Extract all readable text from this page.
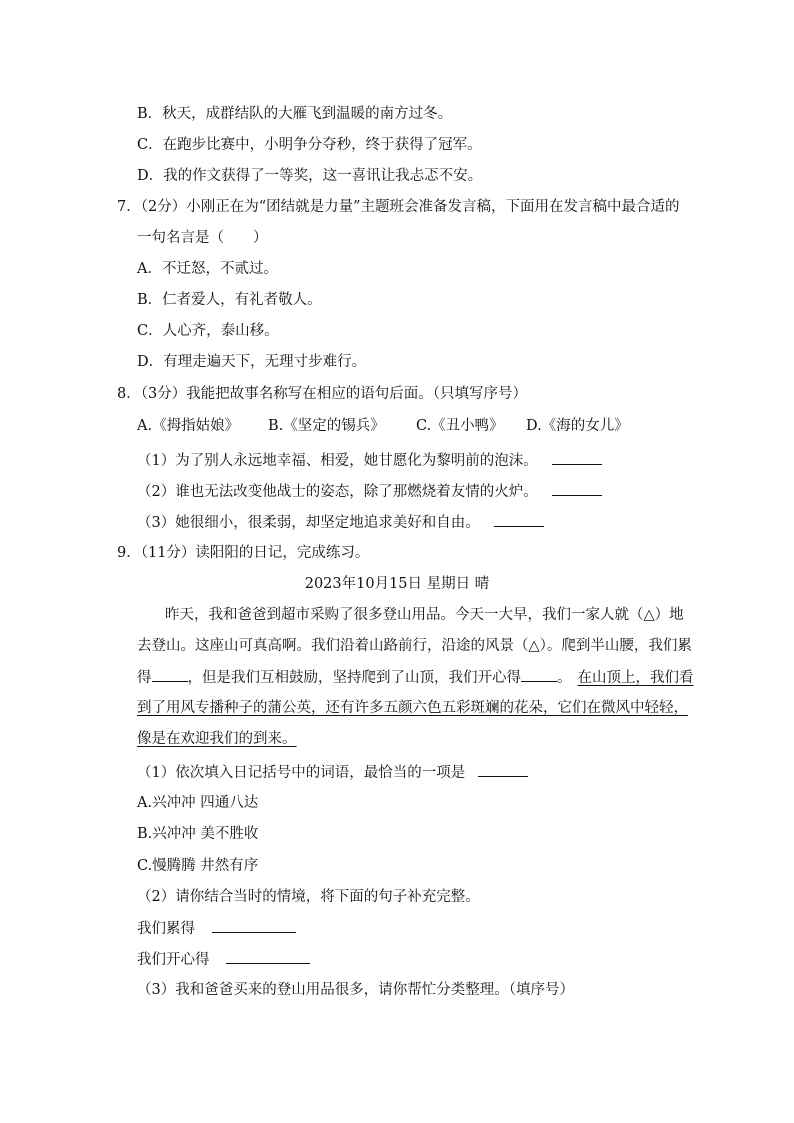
B．秋天，成群结队的大雁飞到温暖的南方过冬。
C．在跑步比赛中，小明争分夺秒，终于获得了冠军。
D．我的作文获得了一等奖，这一喜讯让我忐忑不安。
7．（2分）小刚正在为“团结就是力量”主题班会准备发言稿，下面用在发言稿中最合适的
一句名言是（　　）
A．不迁怒，不贰过。
B．仁者爱人，有礼者敬人。
C．人心齐，泰山移。
D．有理走遍天下，无理寸步难行。
8．（3分）我能把故事名称写在相应的语句后面。（只填写序号）
A.《拇指姑娘》 B.《坚定的锡兵》 C.《丑小鸭》 D.《海的女儿》
（1）为了别人永远地幸福、相爱，她甘愿化为黎明前的泡沫。
（2）谁也无法改变他战士的姿态，除了那燃烧着友情的火炉。
（3）她很细小，很柔弱，却坚定地追求美好和自由。
9．（11分）读阳阳的日记，完成练习。
2023年10月15日 星期日 晴
昨天，我和爸爸到超市采购了很多登山用品。今天一大早，我们一家人就（△）地
去登山。这座山可真高啊。我们沿着山路前行，沿途的风景（△）。爬到半山腰，我们累
得 ，但是我们互相鼓励，坚持爬到了山顶，我们开心得 。 在山顶上，我们看
到了用风专播种子的蒲公英，还有许多五颜六色五彩斑斓的花朵，它们在微风中轻轻，
像是在欢迎我们的到来。
（1）依次填入日记括号中的词语，最恰当的一项是
A.兴冲冲 四通八达
B.兴冲冲 美不胜收
C.慢腾腾 井然有序
（2）请你结合当时的情境，将下面的句子补充完整。
我们累得
我们开心得
（3）我和爸爸买来的登山用品很多，请你帮忙分类整理。（填序号）
